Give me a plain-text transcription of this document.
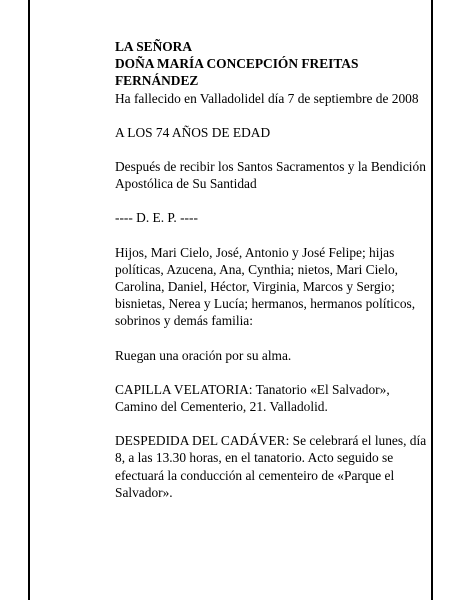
LA SEÑORA
DOÑA MARÍA CONCEPCIÓN FREITAS FERNÁNDEZ

Ha fallecido en Valladolidel día 7 de septiembre de 2008

A LOS 74 AÑOS DE EDAD

Después de recibir los Santos Sacramentos y la Bendición Apostólica de Su Santidad

---- D. E. P. ----

Hijos, Mari Cielo, José, Antonio y José Felipe; hijas políticas, Azucena, Ana, Cynthia; nietos, Mari Cielo, Carolina, Daniel, Héctor, Virginia, Marcos y Sergio; bisnietas, Nerea y Lucía; hermanos, hermanos políticos, sobrinos y demás familia:

Ruegan una oración por su alma.

CAPILLA VELATORIA: Tanatorio «El Salvador», Camino del Cementerio, 21. Valladolid.

DESPEDIDA DEL CADÁVER: Se celebrará el lunes, día 8, a las 13.30 horas, en el tanatorio. Acto seguido se efectuará la conducción al cementeiro de «Parque el Salvador».
